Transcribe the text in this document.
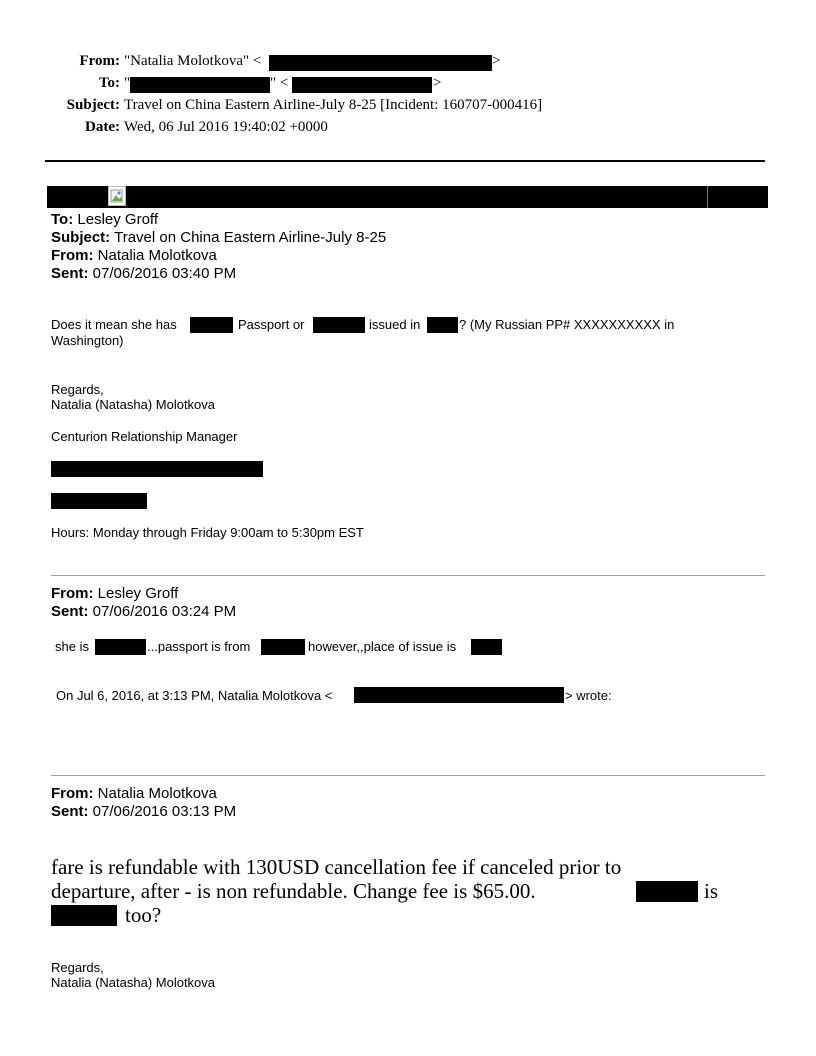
From: "Natalia Molotkova" <	>
To: "	" <	>
Subject: Travel on China Eastern Airline-July 8-25 [Incident: 160707-000416]
Date: Wed, 06 Jul 2016 19:40:02 +0000
To: Lesley Groff
Subject: Travel on China Eastern Airline-July 8-25
From: Natalia Molotkova
Sent: 07/06/2016 03:40 PM
Does it mean she has	Passport or	issued in	? (My Russian PP# XXXXXXXXXX in
Washington)
Regards,
Natalia (Natasha) Molotkova
Centurion Relationship Manager
Hours: Monday through Friday 9:00am to 5:30pm EST
From: Lesley Groff
Sent: 07/06/2016 03:24 PM
she is	...passport is from	however,,place of issue is
On Jul 6, 2016, at 3:13 PM, Natalia Molotkova <	> wrote:
From: Natalia Molotkova
Sent: 07/06/2016 03:13 PM
fare is refundable with 130USD cancellation fee if canceled prior to
departure, after - is non refundable. Change fee is $65.00.	is
too?
Regards,
Natalia (Natasha) Molotkova
